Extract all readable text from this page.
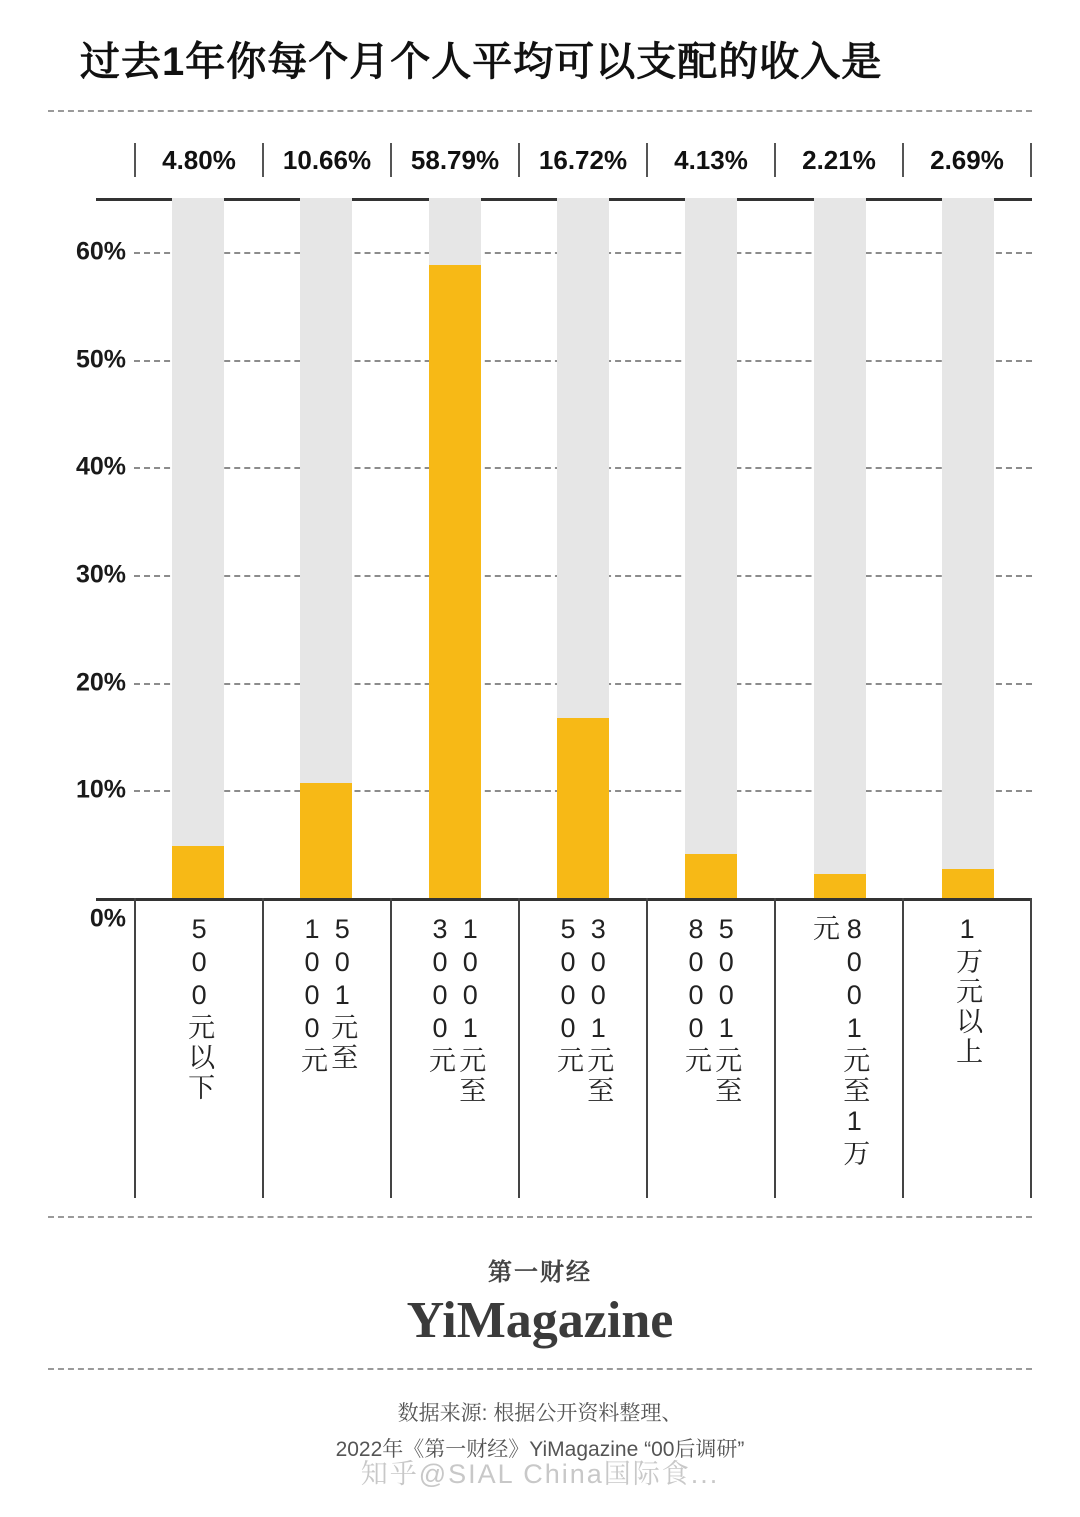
过去1年你每个月个人平均可以支配的收入是
4.80%	10.66%	58.79%	16.72%	4.13%	2.21%	2.69%
60%
50%
40%
30%
20%
10%
0% 500元以下	501元至1000元	1001元至3000元	3001元至5000元	5001元至8000元	8001元至1万元	1万元以上
第一财经
YiMagazine
数据来源: 根据公开资料整理、
2022年《第一财经》YiMagazine “00后调研”
知乎@SIAL China国际食...
